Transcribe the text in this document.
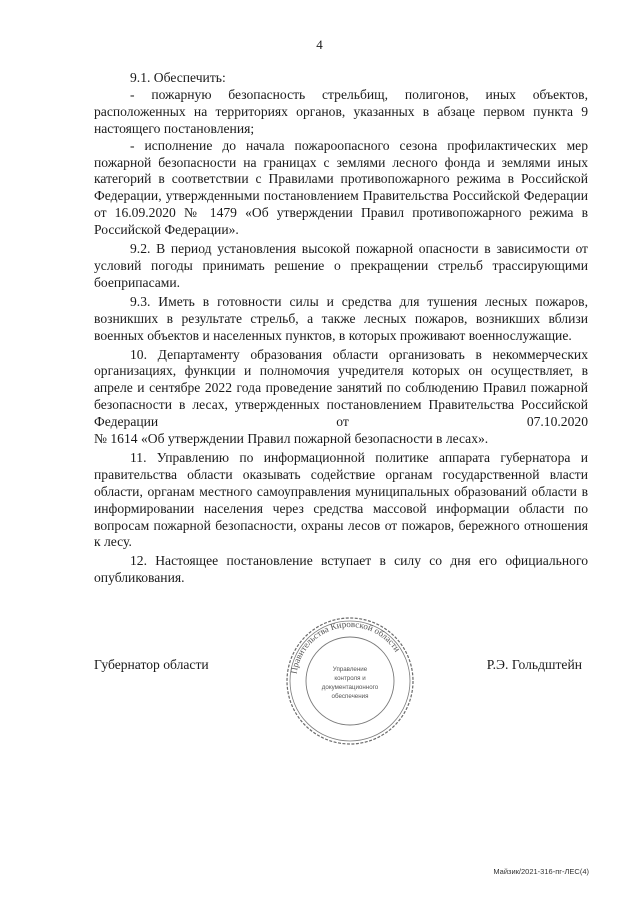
4

9.1. Обеспечить:

- пожарную безопасность стрельбищ, полигонов, иных объектов, расположенных на территориях органов, указанных в абзаце первом пункта 9 настоящего постановления;

- исполнение до начала пожароопасного сезона профилактических мер пожарной безопасности на границах с землями лесного фонда и землями иных категорий в соответствии с Правилами противопожарного режима в Российской Федерации, утвержденными постановлением Правительства Российской Федерации от 16.09.2020 № 1479 «Об утверждении Правил противопожарного режима в Российской Федерации».

9.2. В период установления высокой пожарной опасности в зависимости от условий погоды принимать решение о прекращении стрельб трассирующими боеприпасами.

9.3. Иметь в готовности силы и средства для тушения лесных пожаров, возникших в результате стрельб, а также лесных пожаров, возникших вблизи военных объектов и населенных пунктов, в которых проживают военнослужащие.

10. Департаменту образования области организовать в некоммерческих организациях, функции и полномочия учредителя которых он осуществляет, в апреле и сентябре 2022 года проведение занятий по соблюдению Правил пожарной безопасности в лесах, утвержденных постановлением Правительства Российской Федерации от 07.10.2020

№ 1614 «Об утверждении Правил пожарной безопасности в лесах».

11. Управлению по информационной политике аппарата губернатора и правительства области оказывать содействие органам государственной власти области, органам местного самоуправления муниципальных образований области в информировании населения через средства массовой информации области по вопросам пожарной безопасности, охраны лесов от пожаров, бережного отношения к лесу.

12. Настоящее постановление вступает в силу со дня его официального опубликования.

Губернатор области	Р.Э. Гольдштейн
Правительства Кировской области
Управление
контроля и
документационного
обеспечения
Майзик/2021-316-пг-ЛЕС(4)
